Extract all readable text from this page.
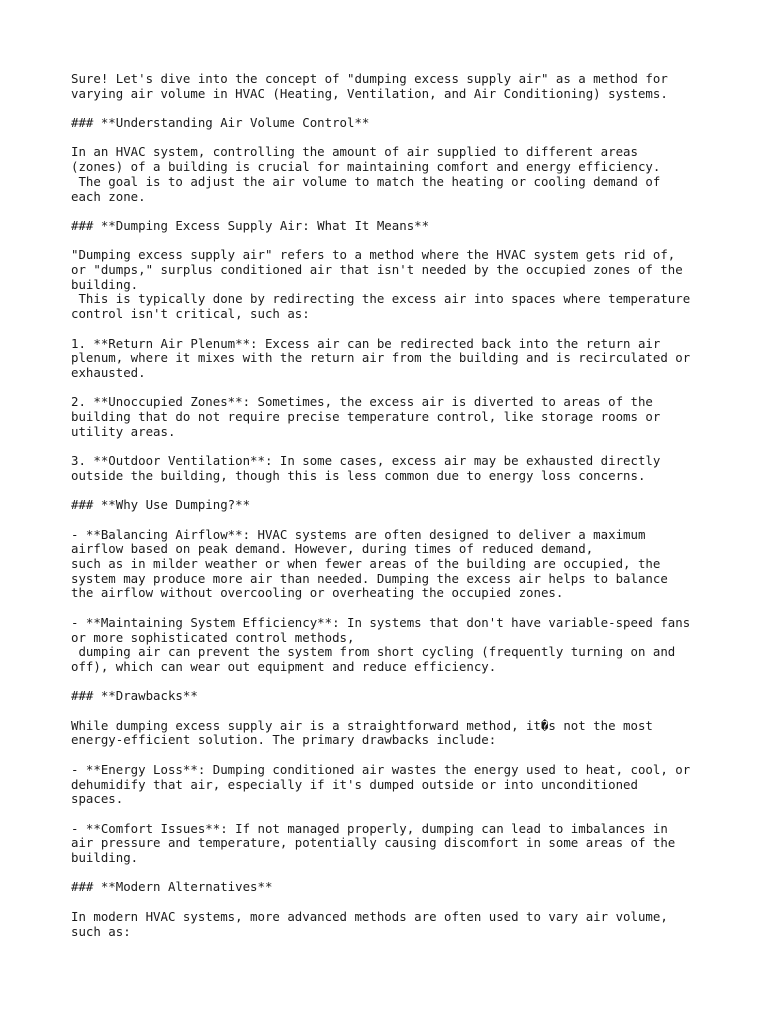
Sure! Let's dive into the concept of "dumping excess supply air" as a method for
varying air volume in HVAC (Heating, Ventilation, and Air Conditioning) systems.

### **Understanding Air Volume Control**

In an HVAC system, controlling the amount of air supplied to different areas
(zones) of a building is crucial for maintaining comfort and energy efficiency.
The goal is to adjust the air volume to match the heating or cooling demand of
each zone.

### **Dumping Excess Supply Air: What It Means**

"Dumping excess supply air" refers to a method where the HVAC system gets rid of,
or "dumps," surplus conditioned air that isn't needed by the occupied zones of the
building.
This is typically done by redirecting the excess air into spaces where temperature
control isn't critical, such as:

1. **Return Air Plenum**: Excess air can be redirected back into the return air
plenum, where it mixes with the return air from the building and is recirculated or
exhausted.

2. **Unoccupied Zones**: Sometimes, the excess air is diverted to areas of the
building that do not require precise temperature control, like storage rooms or
utility areas.

3. **Outdoor Ventilation**: In some cases, excess air may be exhausted directly
outside the building, though this is less common due to energy loss concerns.

### **Why Use Dumping?**

- **Balancing Airflow**: HVAC systems are often designed to deliver a maximum
airflow based on peak demand. However, during times of reduced demand,
such as in milder weather or when fewer areas of the building are occupied, the
system may produce more air than needed. Dumping the excess air helps to balance
the airflow without overcooling or overheating the occupied zones.

- **Maintaining System Efficiency**: In systems that don't have variable-speed fans
or more sophisticated control methods,
dumping air can prevent the system from short cycling (frequently turning on and
off), which can wear out equipment and reduce efficiency.

### **Drawbacks**

While dumping excess supply air is a straightforward method, it�s not the most
energy-efficient solution. The primary drawbacks include:

- **Energy Loss**: Dumping conditioned air wastes the energy used to heat, cool, or
dehumidify that air, especially if it's dumped outside or into unconditioned
spaces.

- **Comfort Issues**: If not managed properly, dumping can lead to imbalances in
air pressure and temperature, potentially causing discomfort in some areas of the
building.

### **Modern Alternatives**

In modern HVAC systems, more advanced methods are often used to vary air volume,
such as:
